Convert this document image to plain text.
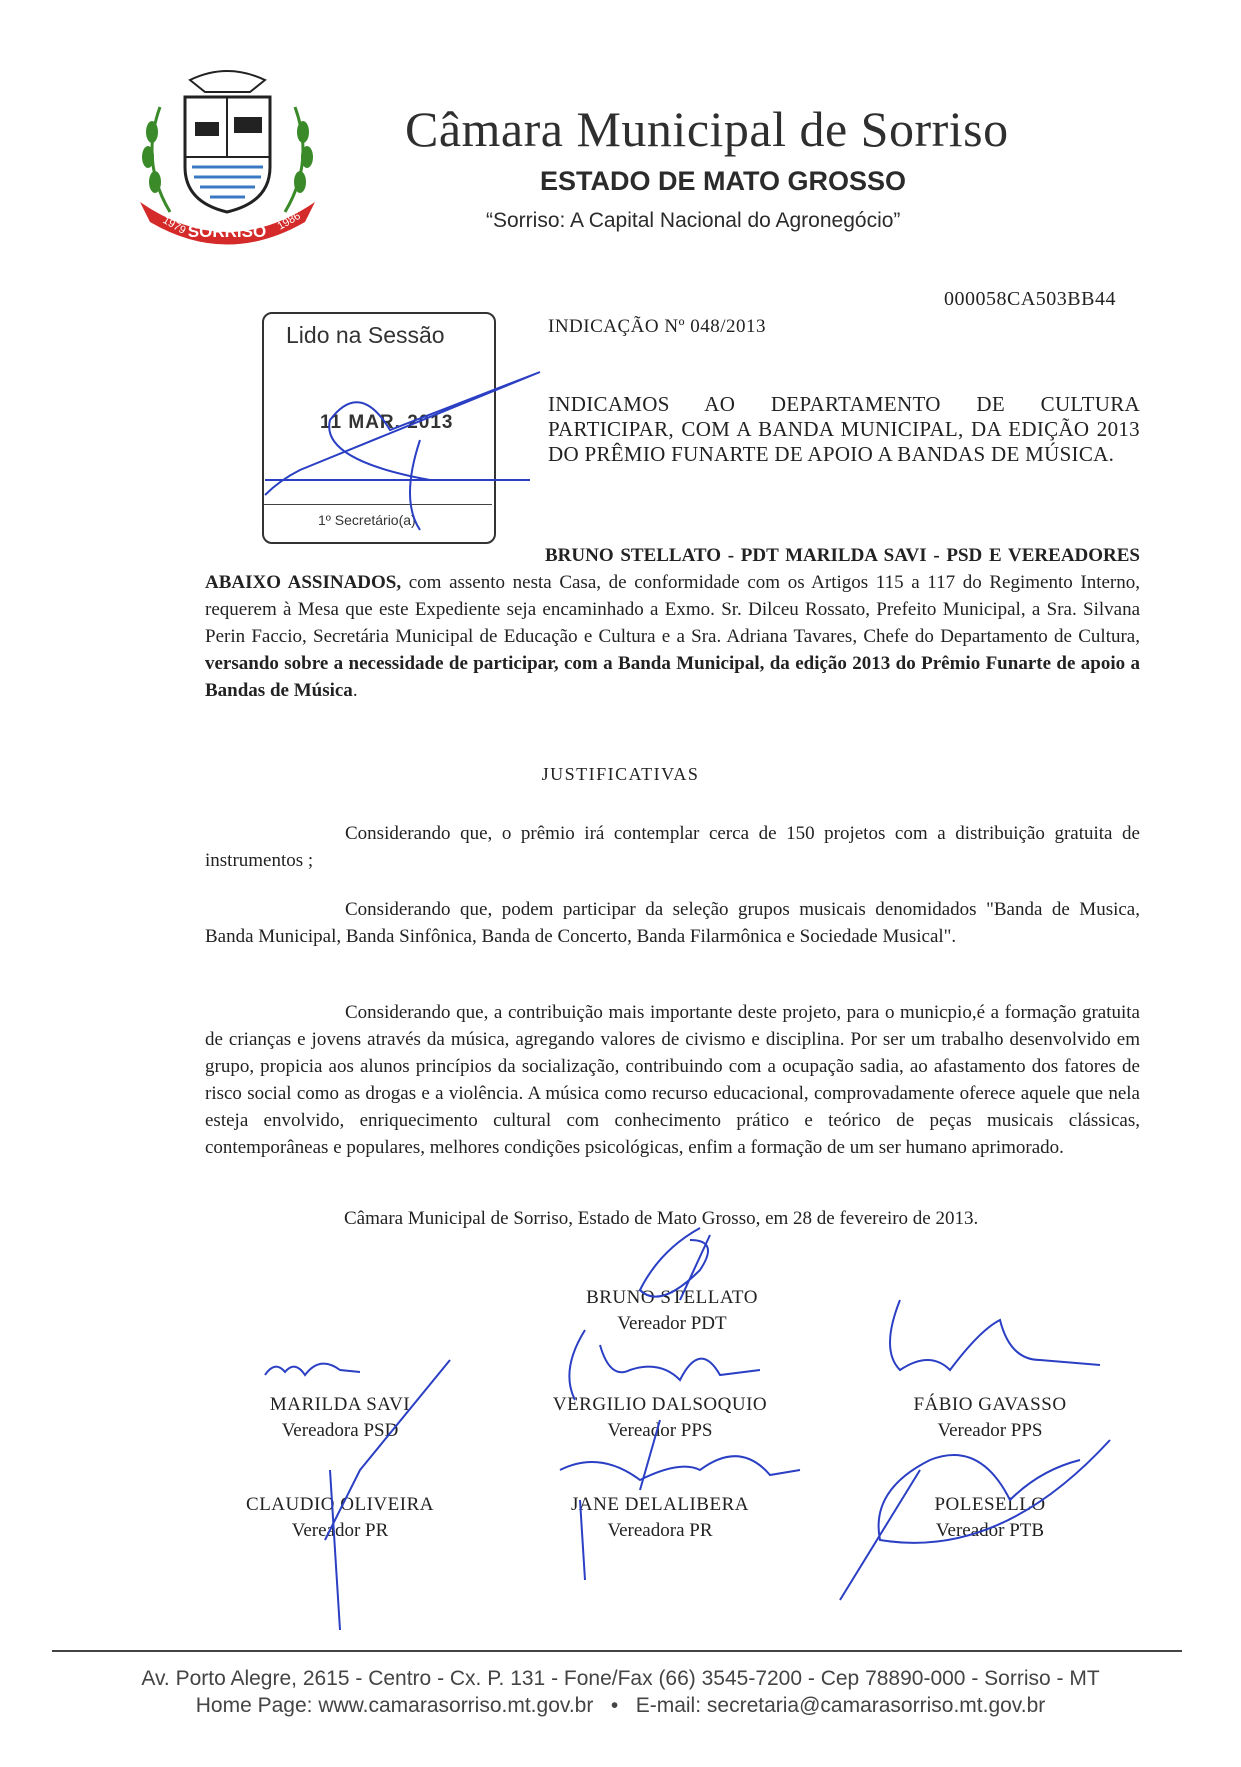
1979 SORRISO 1986
Câmara Municipal de Sorriso
ESTADO DE MATO GROSSO
“Sorriso: A Capital Nacional do Agronegócio”
000058CA503BB44
INDICAÇÃO Nº 048/2013
INDICAMOS AO DEPARTAMENTO DE CULTURA PARTICIPAR, COM A BANDA MUNICIPAL, DA EDIÇÃO 2013 DO PRÊMIO FUNARTE DE APOIO A BANDAS DE MÚSICA.
Lido na Sessão
11 MAR. 2013
1º Secretário(a)
BRUNO STELLATO - PDT MARILDA SAVI - PSD E VEREADORES ABAIXO ASSINADOS, com assento nesta Casa, de conformidade com os Artigos 115 a 117 do Regimento Interno, requerem à Mesa que este Expediente seja encaminhado a Exmo. Sr. Dilceu Rossato, Prefeito Municipal, a Sra. Silvana Perin Faccio, Secretária Municipal de Educação e Cultura e a Sra. Adriana Tavares, Chefe do Departamento de Cultura, versando sobre a necessidade de participar, com a Banda Municipal, da edição 2013 do Prêmio Funarte de apoio a Bandas de Música.
JUSTIFICATIVAS
Considerando que, o prêmio irá contemplar cerca de 150 projetos com a distribuição gratuita de instrumentos ;
Considerando que, podem participar da seleção grupos musicais denomidados "Banda de Musica, Banda Municipal, Banda Sinfônica, Banda de Concerto, Banda Filarmônica e Sociedade Musical".
Considerando que, a contribuição mais importante deste projeto, para o municpio,é a formação gratuita de crianças e jovens através da música, agregando valores de civismo e disciplina. Por ser um trabalho desenvolvido em grupo, propicia aos alunos princípios da socialização, contribuindo com a ocupação sadia, ao afastamento dos fatores de risco social como as drogas e a violência. A música como recurso educacional, comprovadamente oferece aquele que nela esteja envolvido, enriquecimento cultural com conhecimento prático e teórico de peças musicais clássicas, contemporâneas e populares, melhores condições psicológicas, enfim a formação de um ser humano aprimorado.
Câmara Municipal de Sorriso, Estado de Mato Grosso, em 28 de fevereiro de 2013.
BRUNO STELLATO
Vereador PDT
MARILDA SAVI
Vereadora PSD
VERGILIO DALSOQUIO
Vereador PPS
FÁBIO GAVASSO
Vereador PPS
CLAUDIO OLIVEIRA
Vereador PR
JANE DELALIBERA
Vereadora PR
POLESELLO
Vereador PTB
Av. Porto Alegre, 2615 - Centro - Cx. P. 131 - Fone/Fax (66) 3545-7200 - Cep 78890-000 - Sorriso - MT
Home Page: www.camarasorriso.mt.gov.br • E-mail: secretaria@camarasorriso.mt.gov.br
